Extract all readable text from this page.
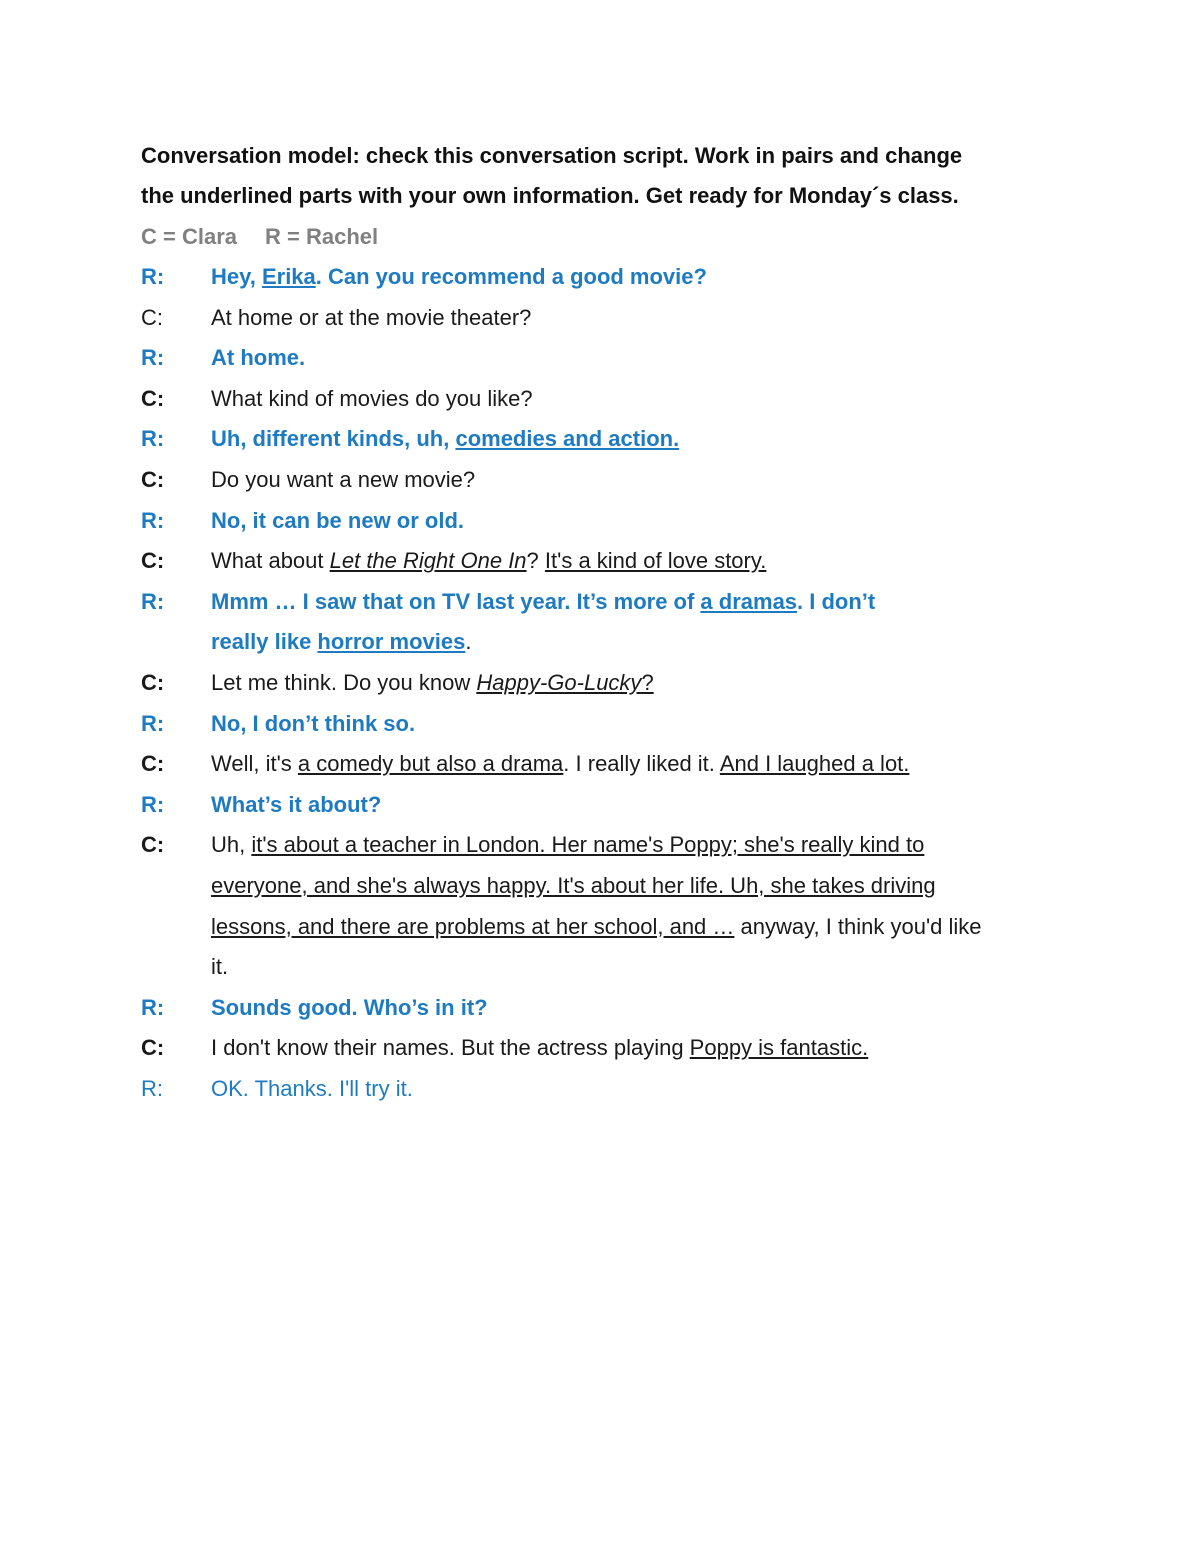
Conversation model: check this conversation script. Work in pairs and change
the underlined parts with your own information. Get ready for Monday´s class.

C = Clara R = Rachel
R:	Hey, Erika. Can you recommend a good movie?
C:	At home or at the movie theater?
R:	At home.
C:	What kind of movies do you like?
R:	Uh, different kinds, uh, comedies and action.
C:	Do you want a new movie?
R:	No, it can be new or old.
C:	What about Let the Right One In? It's a kind of love story.
R:	Mmm … I saw that on TV last year. It’s more of a dramas. I don’t
really like horror movies.
C:	Let me think. Do you know Happy-Go-Lucky?
R:	No, I don’t think so.
C:	Well, it's a comedy but also a drama. I really liked it. And I laughed a lot.
R:	What’s it about?
C:	Uh, it's about a teacher in London. Her name's Poppy; she's really kind to
everyone, and she's always happy. It's about her life. Uh, she takes driving
lessons, and there are problems at her school, and … anyway, I think you'd like
it.
R:	Sounds good. Who’s in it?
C:	I don't know their names. But the actress playing Poppy is fantastic.
R:	OK. Thanks. I'll try it.
